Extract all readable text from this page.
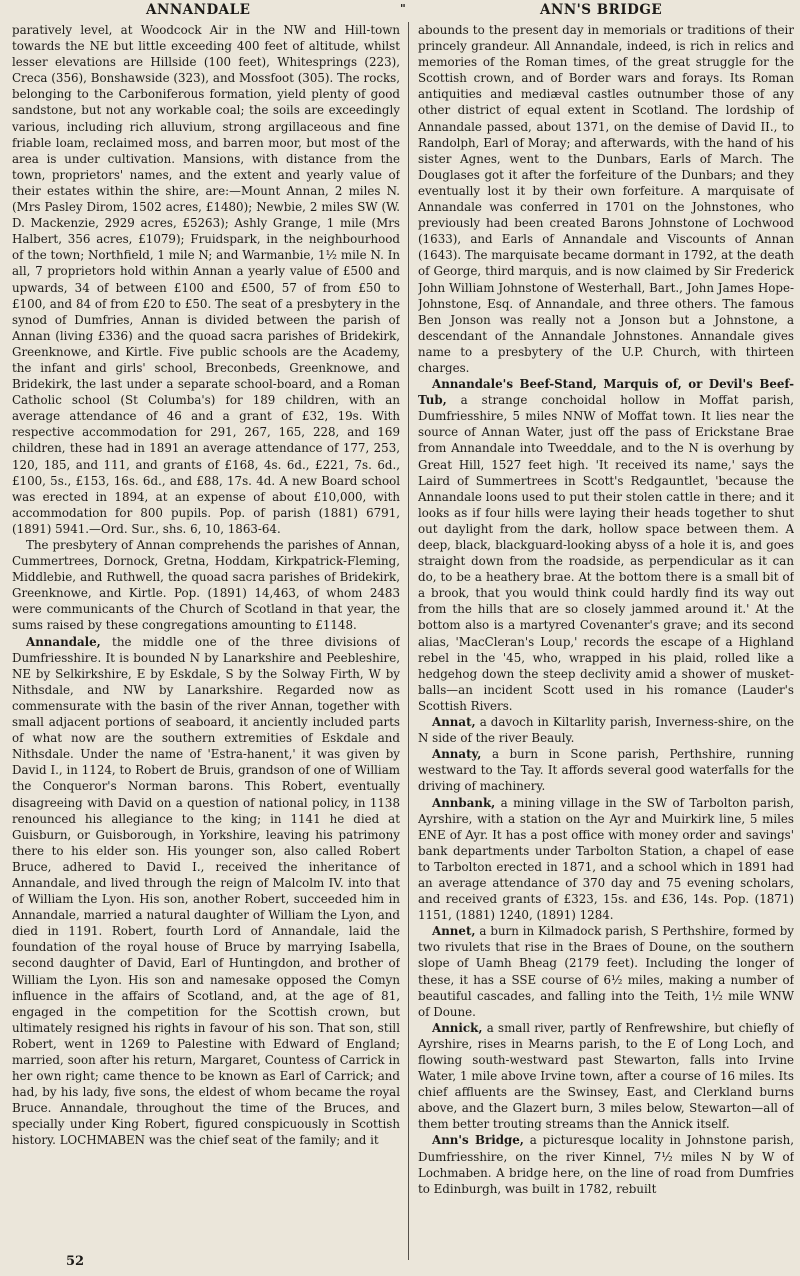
ANNANDALE	"	ANN'S BRIDGE

paratively level, at Woodcock Air in the NW and Hill-town towards the NE but little exceeding 400 feet of altitude, whilst lesser elevations are Hillside (100 feet), Whitesprings (223), Creca (356), Bonshawside (323), and Mossfoot (305). The rocks, belonging to the Carboniferous formation, yield plenty of good sandstone, but not any workable coal; the soils are exceedingly various, including rich alluvium, strong argillaceous and fine friable loam, reclaimed moss, and barren moor, but most of the area is under cultivation. Mansions, with distance from the town, proprietors' names, and the extent and yearly value of their estates within the shire, are:—Mount Annan, 2 miles N. (Mrs Pasley Dirom, 1502 acres, £1480); Newbie, 2 miles SW (W. D. Mackenzie, 2929 acres, £5263); Ashly Grange, 1 mile (Mrs Halbert, 356 acres, £1079); Fruidspark, in the neighbourhood of the town; Northfield, 1 mile N; and Warmanbie, 1½ mile N. In all, 7 proprietors hold within Annan a yearly value of £500 and upwards, 34 of between £100 and £500, 57 of from £50 to £100, and 84 of from £20 to £50. The seat of a presbytery in the synod of Dumfries, Annan is divided between the parish of Annan (living £336) and the quoad sacra parishes of Bridekirk, Greenknowe, and Kirtle. Five public schools are the Academy, the infant and girls' school, Breconbeds, Greenknowe, and Bridekirk, the last under a separate school-board, and a Roman Catholic school (St Columba's) for 189 children, with an average attendance of 46 and a grant of £32, 19s. With respective accommodation for 291, 267, 165, 228, and 169 children, these had in 1891 an average attendance of 177, 253, 120, 185, and 111, and grants of £168, 4s. 6d., £221, 7s. 6d., £100, 5s., £153, 16s. 6d., and £88, 17s. 4d. A new Board school was erected in 1894, at an expense of about £10,000, with accommodation for 800 pupils. Pop. of parish (1881) 6791, (1891) 5941.—Ord. Sur., shs. 6, 10, 1863-64.

The presbytery of Annan comprehends the parishes of Annan, Cummertrees, Dornock, Gretna, Hoddam, Kirkpatrick-Fleming, Middlebie, and Ruthwell, the quoad sacra parishes of Bridekirk, Greenknowe, and Kirtle. Pop. (1891) 14,463, of whom 2483 were communicants of the Church of Scotland in that year, the sums raised by these congregations amounting to £1148.

Annandale, the middle one of the three divisions of Dumfriesshire. It is bounded N by Lanarkshire and Peebleshire, NE by Selkirkshire, E by Eskdale, S by the Solway Firth, W by Nithsdale, and NW by Lanarkshire. Regarded now as commensurate with the basin of the river Annan, together with small adjacent portions of seaboard, it anciently included parts of what now are the southern extremities of Eskdale and Nithsdale. Under the name of 'Estra-hanent,' it was given by David I., in 1124, to Robert de Bruis, grandson of one of William the Conqueror's Norman barons. This Robert, eventually disagreeing with David on a question of national policy, in 1138 renounced his allegiance to the king; in 1141 he died at Guisburn, or Guisborough, in Yorkshire, leaving his patrimony there to his elder son. His younger son, also called Robert Bruce, adhered to David I., received the inheritance of Annandale, and lived through the reign of Malcolm IV. into that of William the Lyon. His son, another Robert, succeeded him in Annandale, married a natural daughter of William the Lyon, and died in 1191. Robert, fourth Lord of Annandale, laid the foundation of the royal house of Bruce by marrying Isabella, second daughter of David, Earl of Huntingdon, and brother of William the Lyon. His son and namesake opposed the Comyn influence in the affairs of Scotland, and, at the age of 81, engaged in the competition for the Scottish crown, but ultimately resigned his rights in favour of his son. That son, still Robert, went in 1269 to Palestine with Edward of England; married, soon after his return, Margaret, Countess of Carrick in her own right; came thence to be known as Earl of Carrick; and had, by his lady, five sons, the eldest of whom became the royal Bruce. Annandale, throughout the time of the Bruces, and specially under King Robert, figured conspicuously in Scottish history. LOCHMABEN was the chief seat of the family; and it

abounds to the present day in memorials or traditions of their princely grandeur. All Annandale, indeed, is rich in relics and memories of the Roman times, of the great struggle for the Scottish crown, and of Border wars and forays. Its Roman antiquities and mediæval castles outnumber those of any other district of equal extent in Scotland. The lordship of Annandale passed, about 1371, on the demise of David II., to Randolph, Earl of Moray; and afterwards, with the hand of his sister Agnes, went to the Dunbars, Earls of March. The Douglases got it after the forfeiture of the Dunbars; and they eventually lost it by their own forfeiture. A marquisate of Annandale was conferred in 1701 on the Johnstones, who previously had been created Barons Johnstone of Lochwood (1633), and Earls of Annandale and Viscounts of Annan (1643). The marquisate became dormant in 1792, at the death of George, third marquis, and is now claimed by Sir Frederick John William Johnstone of Westerhall, Bart., John James Hope-Johnstone, Esq. of Annandale, and three others. The famous Ben Jonson was really not a Jonson but a Johnstone, a descendant of the Annandale Johnstones. Annandale gives name to a presbytery of the U.P. Church, with thirteen charges.

Annandale's Beef-Stand, Marquis of, or Devil's Beef-Tub, a strange conchoidal hollow in Moffat parish, Dumfriesshire, 5 miles NNW of Moffat town. It lies near the source of Annan Water, just off the pass of Erickstane Brae from Annandale into Tweeddale, and to the N is overhung by Great Hill, 1527 feet high. 'It received its name,' says the Laird of Summertrees in Scott's Redgauntlet, 'because the Annandale loons used to put their stolen cattle in there; and it looks as if four hills were laying their heads together to shut out daylight from the dark, hollow space between them. A deep, black, blackguard-looking abyss of a hole it is, and goes straight down from the roadside, as perpendicular as it can do, to be a heathery brae. At the bottom there is a small bit of a brook, that you would think could hardly find its way out from the hills that are so closely jammed around it.' At the bottom also is a martyred Covenanter's grave; and its second alias, 'MacCleran's Loup,' records the escape of a Highland rebel in the '45, who, wrapped in his plaid, rolled like a hedgehog down the steep declivity amid a shower of musket-balls—an incident Scott used in his romance (Lauder's Scottish Rivers.

Annat, a davoch in Kiltarlity parish, Inverness-shire, on the N side of the river Beauly.

Annaty, a burn in Scone parish, Perthshire, running westward to the Tay. It affords several good waterfalls for the driving of machinery.

Annbank, a mining village in the SW of Tarbolton parish, Ayrshire, with a station on the Ayr and Muirkirk line, 5 miles ENE of Ayr. It has a post office with money order and savings' bank departments under Tarbolton Station, a chapel of ease to Tarbolton erected in 1871, and a school which in 1891 had an average attendance of 370 day and 75 evening scholars, and received grants of £323, 15s. and £36, 14s. Pop. (1871) 1151, (1881) 1240, (1891) 1284.

Annet, a burn in Kilmadock parish, S Perthshire, formed by two rivulets that rise in the Braes of Doune, on the southern slope of Uamh Bheag (2179 feet). Including the longer of these, it has a SSE course of 6½ miles, making a number of beautiful cascades, and falling into the Teith, 1½ mile WNW of Doune.

Annick, a small river, partly of Renfrewshire, but chiefly of Ayrshire, rises in Mearns parish, to the E of Long Loch, and flowing south-westward past Stewarton, falls into Irvine Water, 1 mile above Irvine town, after a course of 16 miles. Its chief affluents are the Swinsey, East, and Clerkland burns above, and the Glazert burn, 3 miles below, Stewarton—all of them better trouting streams than the Annick itself.

Ann's Bridge, a picturesque locality in Johnstone parish, Dumfriesshire, on the river Kinnel, 7½ miles N by W of Lochmaben. A bridge here, on the line of road from Dumfries to Edinburgh, was built in 1782, rebuilt

52
